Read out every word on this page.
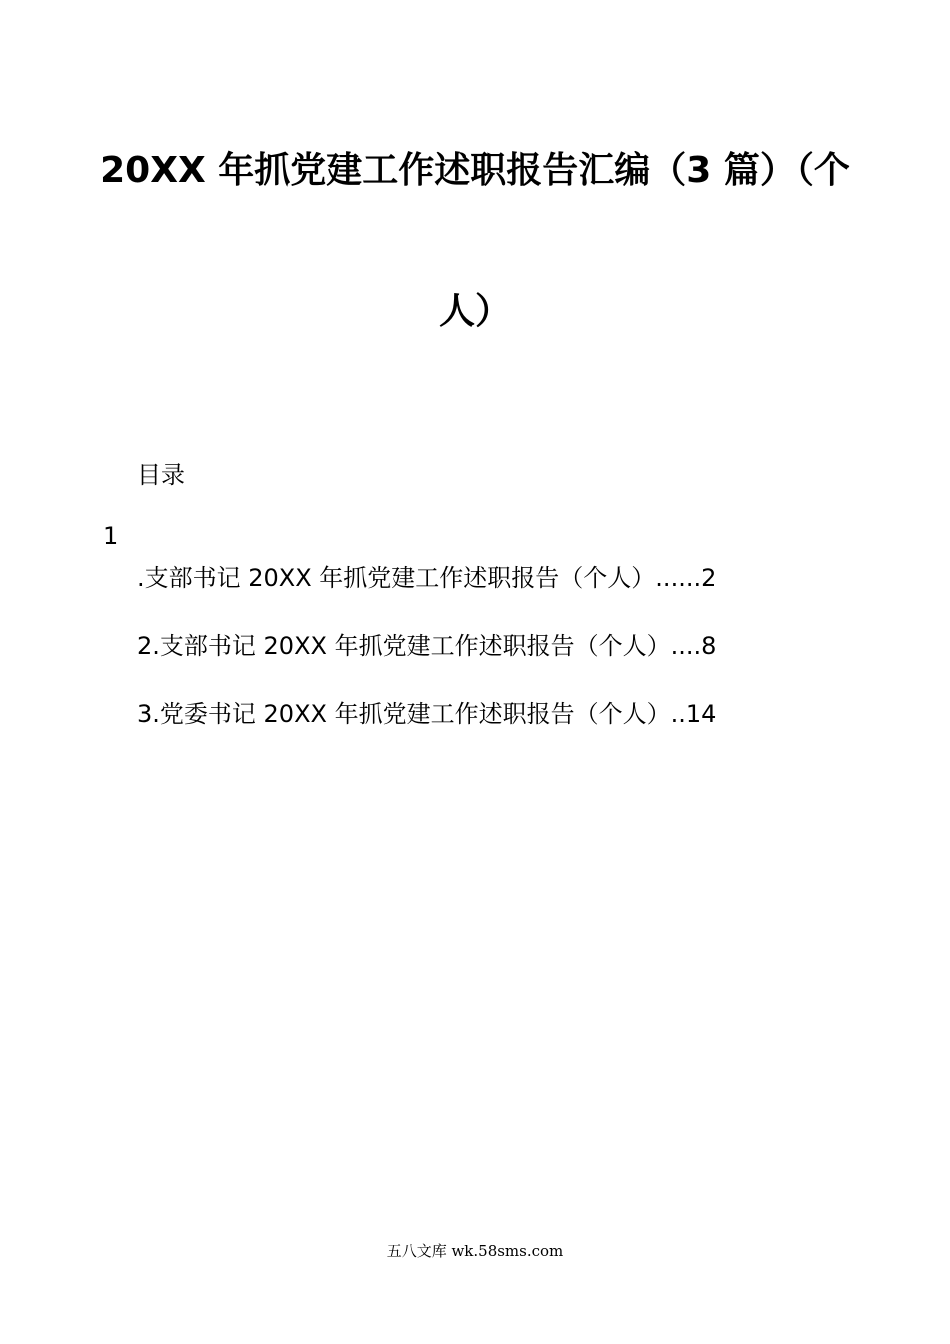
20XX 年抓党建工作述职报告汇编（3 篇）（个
人）
目录
1
.支部书记 20XX 年抓党建工作述职报告（个人）......2
2.支部书记 20XX 年抓党建工作述职报告（个人）....8
3.党委书记 20XX 年抓党建工作述职报告（个人）..14
五八文库 wk.58sms.com
